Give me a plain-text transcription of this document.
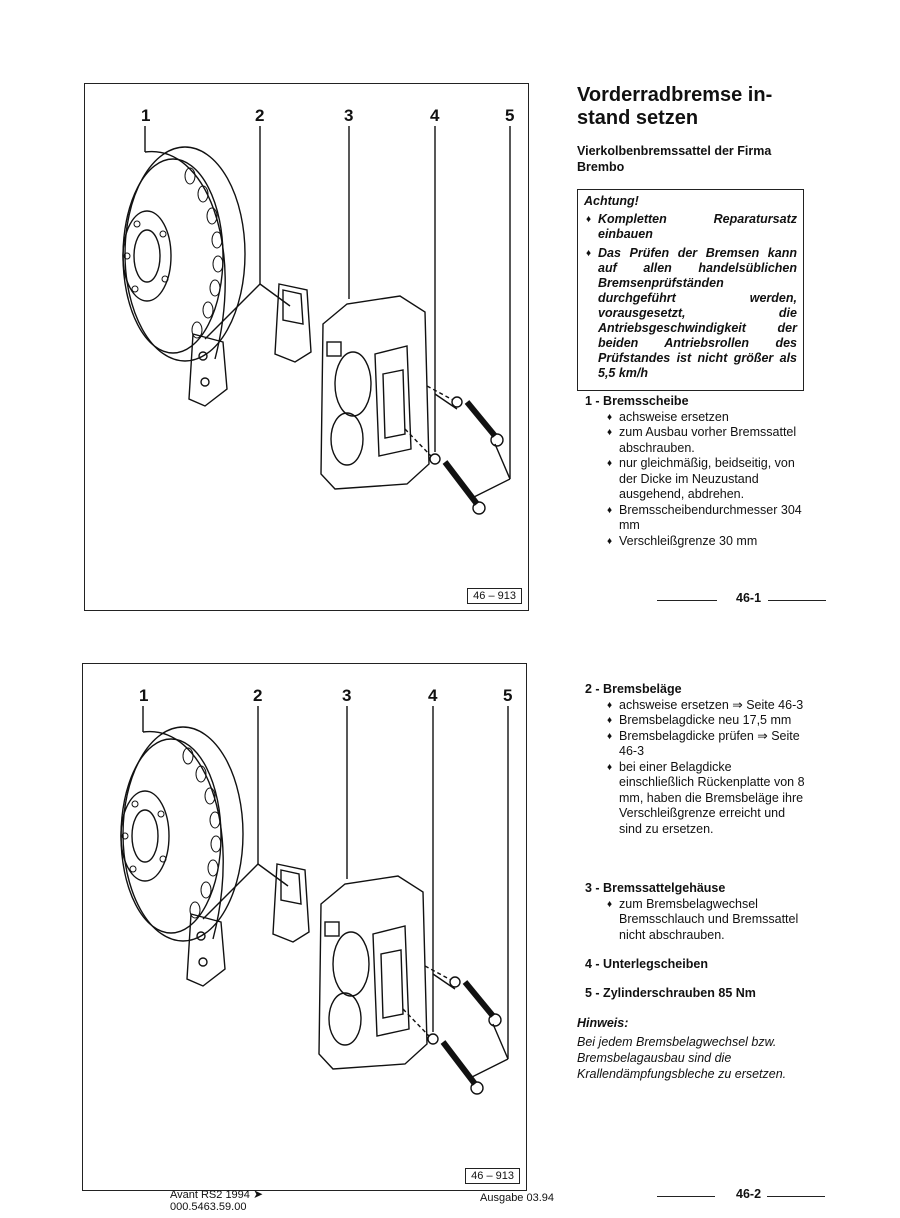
1	2	3	4	5
46 – 913
1	2	3	4	5
46 – 913
Vorderradbremse in-
stand setzen

Vierkolbenbremssattel der Firma Brembo

Achtung!
♦ Kompletten Reparatursatz einbauen
♦ Das Prüfen der Bremsen kann auf allen handelsüblichen Bremsenprüfständen durchgeführt werden, vorausgesetzt, die Antriebsgeschwindigkeit der beiden Antriebsrollen des Prüfstandes ist nicht größer als 5,5 km/h
1 - Bremsscheibe
♦ achsweise ersetzen
♦ zum Ausbau vorher Bremssattel abschrauben.
♦ nur gleichmäßig, beidseitig, von der Dicke im Neuzustand ausgehend, abdrehen.
♦ Bremsscheibendurchmesser 304 mm
♦ Verschleißgrenze 30 mm
46-1
2 - Bremsbeläge
♦ achsweise ersetzen ⇒ Seite 46-3
♦ Bremsbelagdicke neu 17,5 mm
♦ Bremsbelagdicke prüfen ⇒ Seite 46-3
♦ bei einer Belagdicke einschließlich Rückenplatte von 8 mm, haben die Bremsbeläge ihre Verschleißgrenze erreicht und sind zu ersetzen.
3 - Bremssattelgehäuse
♦ zum Bremsbelagwechsel Bremsschlauch und Bremssattel nicht abschrauben.
4 - Unterlegscheiben
5 - Zylinderschrauben 85 Nm
Hinweis:
Bei jedem Bremsbelagwechsel bzw. Bremsbelagausbau sind die Krallendämpfungsbleche zu ersetzen.
Avant RS2 1994 ➤
000.5463.59.00
Ausgabe 03.94	46-2
